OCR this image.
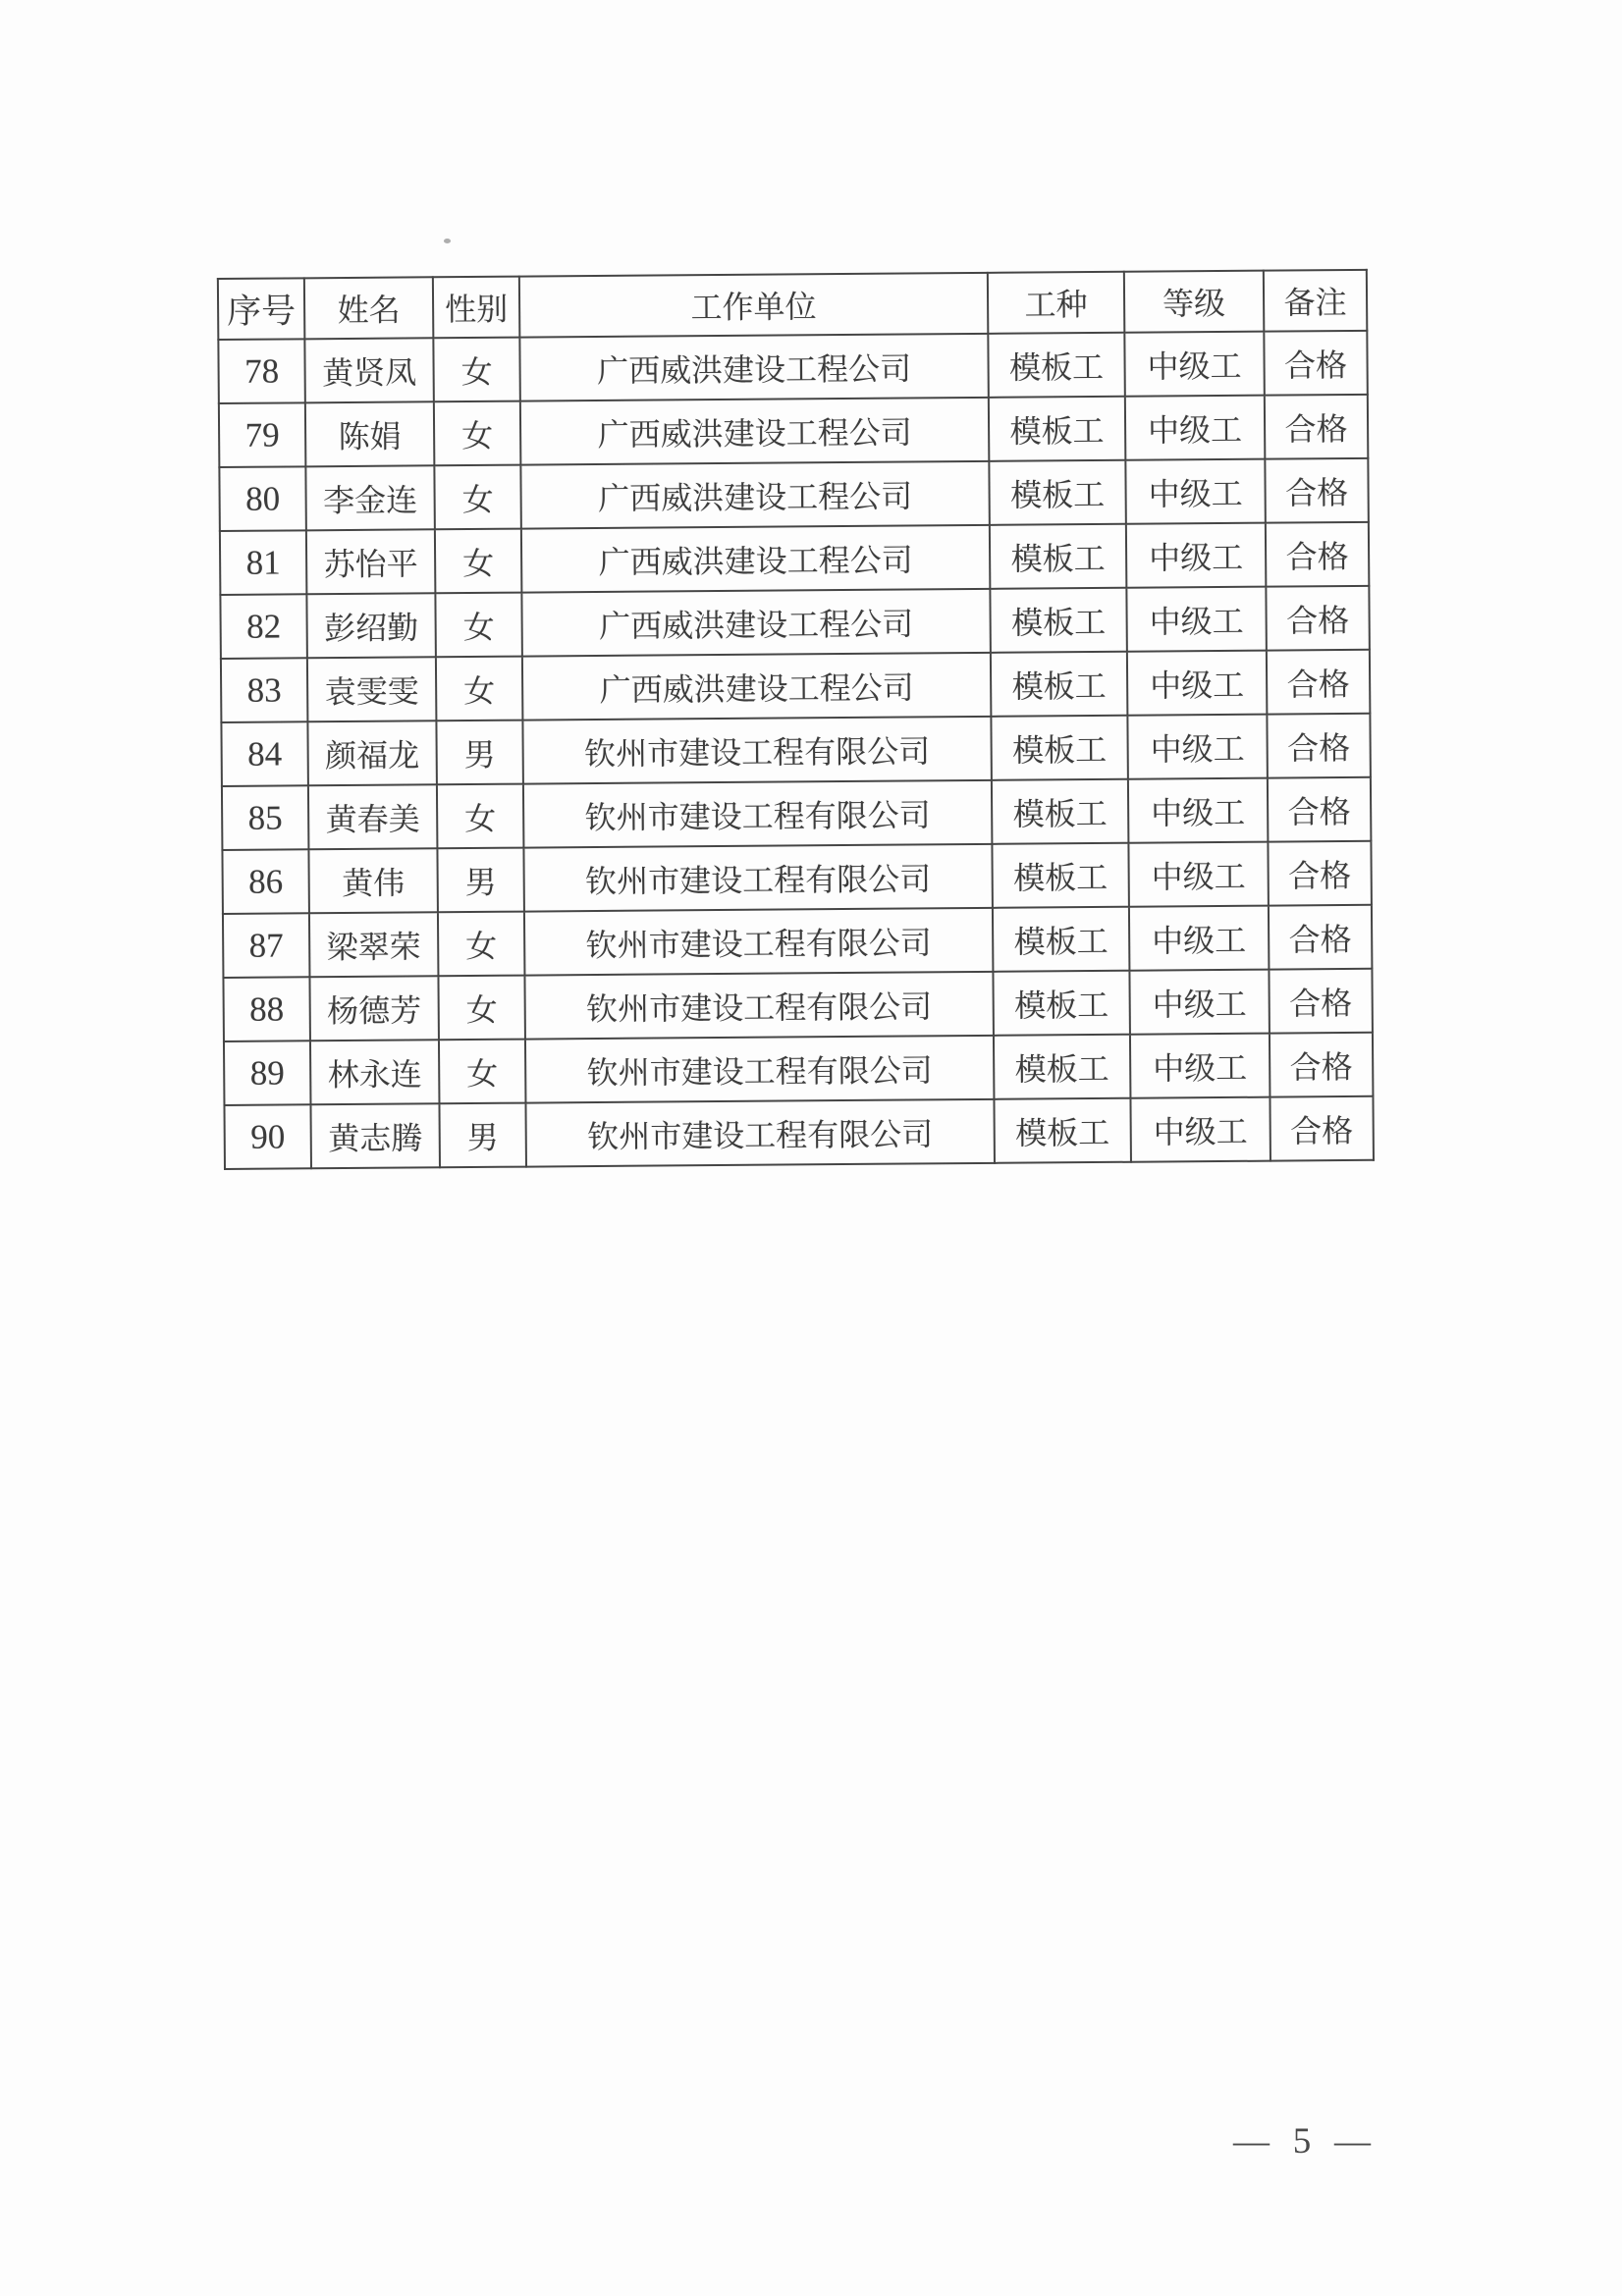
序号	姓名	性别	工作单位	工种	等级	备注
78	黄贤凤	女	广西威洪建设工程公司	模板工	中级工	合格
79	陈娟	女	广西威洪建设工程公司	模板工	中级工	合格
80	李金连	女	广西威洪建设工程公司	模板工	中级工	合格
81	苏怡平	女	广西威洪建设工程公司	模板工	中级工	合格
82	彭绍勤	女	广西威洪建设工程公司	模板工	中级工	合格
83	袁雯雯	女	广西威洪建设工程公司	模板工	中级工	合格
84	颜福龙	男	钦州市建设工程有限公司	模板工	中级工	合格
85	黄春美	女	钦州市建设工程有限公司	模板工	中级工	合格
86	黄伟	男	钦州市建设工程有限公司	模板工	中级工	合格
87	梁翠荣	女	钦州市建设工程有限公司	模板工	中级工	合格
88	杨德芳	女	钦州市建设工程有限公司	模板工	中级工	合格
89	林永连	女	钦州市建设工程有限公司	模板工	中级工	合格
90	黄志腾	男	钦州市建设工程有限公司	模板工	中级工	合格
— 5 —
